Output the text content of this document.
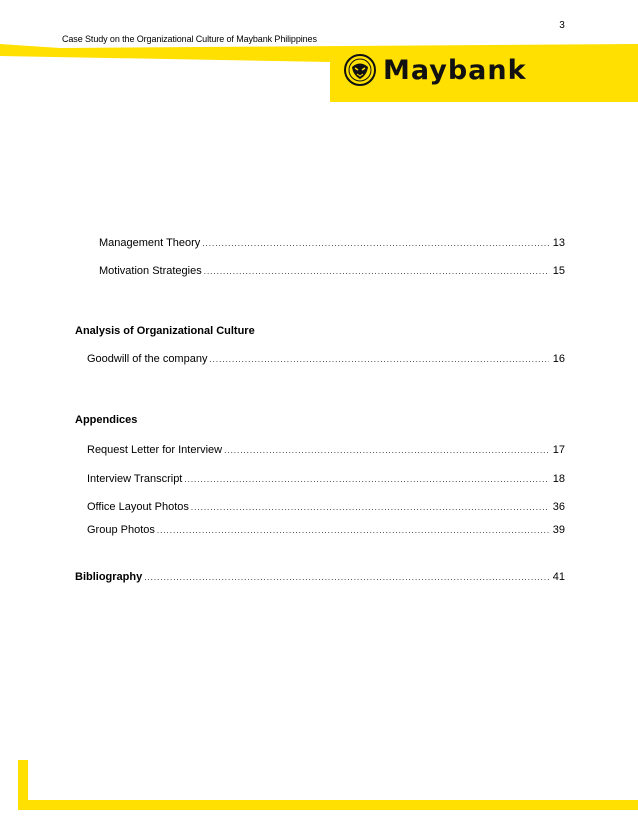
3
Case Study on the Organizational Culture of Maybank Philippines
Maybank
Management Theory .....	13
Motivation Strategies .....	15
Analysis of Organizational Culture
Goodwill of the company .....	16
Appendices
Request Letter for Interview .....	17
Interview Transcript .....	18
Office Layout Photos .....	36
Group Photos .....	39
Bibliography .....	41
